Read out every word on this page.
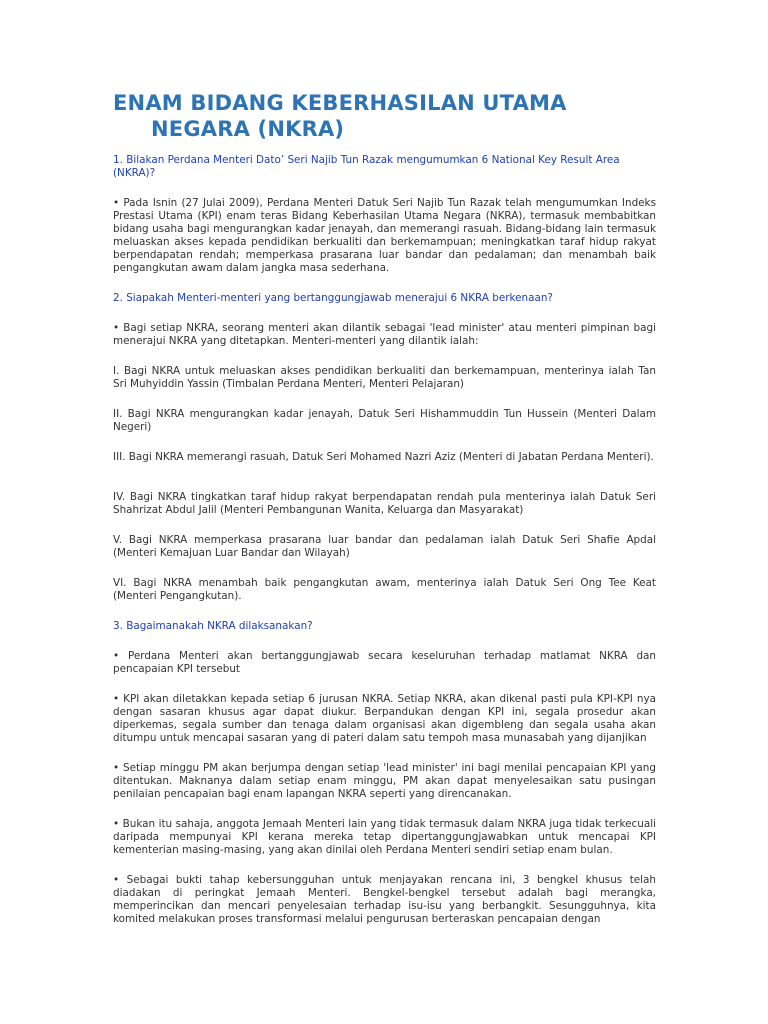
ENAM BIDANG KEBERHASILAN UTAMA
NEGARA (NKRA)

1. Bilakan Perdana Menteri Dato’ Seri Najib Tun Razak mengumumkan 6 National Key Result Area (NKRA)?

• Pada Isnin (27 Julai 2009), Perdana Menteri Datuk Seri Najib Tun Razak telah mengumumkan Indeks Prestasi Utama (KPI) enam teras Bidang Keberhasilan Utama Negara (NKRA), termasuk membabitkan bidang usaha bagi mengurangkan kadar jenayah, dan memerangi rasuah. Bidang-bidang lain termasuk meluaskan akses kepada pendidikan berkualiti dan berkemampuan; meningkatkan taraf hidup rakyat berpendapatan rendah; memperkasa prasarana luar bandar dan pedalaman; dan menambah baik pengangkutan awam dalam jangka masa sederhana.

2. Siapakah Menteri-menteri yang bertanggungjawab menerajui 6 NKRA berkenaan?

• Bagi setiap NKRA, seorang menteri akan dilantik sebagai 'lead minister' atau menteri pimpinan bagi menerajui NKRA yang ditetapkan. Menteri-menteri yang dilantik ialah:

I. Bagi NKRA untuk meluaskan akses pendidikan berkualiti dan berkemampuan, menterinya ialah Tan Sri Muhyiddin Yassin (Timbalan Perdana Menteri, Menteri Pelajaran)

II. Bagi NKRA mengurangkan kadar jenayah, Datuk Seri Hishammuddin Tun Hussein (Menteri Dalam Negeri)

III. Bagi NKRA memerangi rasuah, Datuk Seri Mohamed Nazri Aziz (Menteri di Jabatan Perdana Menteri).

IV. Bagi NKRA tingkatkan taraf hidup rakyat berpendapatan rendah pula menterinya ialah Datuk Seri Shahrizat Abdul Jalil (Menteri Pembangunan Wanita, Keluarga dan Masyarakat)

V. Bagi NKRA memperkasa prasarana luar bandar dan pedalaman ialah Datuk Seri Shafie Apdal (Menteri Kemajuan Luar Bandar dan Wilayah)

VI. Bagi NKRA menambah baik pengangkutan awam, menterinya ialah Datuk Seri Ong Tee Keat (Menteri Pengangkutan).

3. Bagaimanakah NKRA dilaksanakan?

• Perdana Menteri akan bertanggungjawab secara keseluruhan terhadap matlamat NKRA dan pencapaian KPI tersebut

• KPI akan diletakkan kepada setiap 6 jurusan NKRA. Setiap NKRA, akan dikenal pasti pula KPI-KPI nya dengan sasaran khusus agar dapat diukur. Berpandukan dengan KPI ini, segala prosedur akan diperkemas, segala sumber dan tenaga dalam organisasi akan digembleng dan segala usaha akan ditumpu untuk mencapai sasaran yang di pateri dalam satu tempoh masa munasabah yang dijanjikan

• Setiap minggu PM akan berjumpa dengan setiap 'lead minister' ini bagi menilai pencapaian KPI yang ditentukan. Maknanya dalam setiap enam minggu, PM akan dapat menyelesaikan satu pusingan penilaian pencapaian bagi enam lapangan NKRA seperti yang direncanakan.

• Bukan itu sahaja, anggota Jemaah Menteri lain yang tidak termasuk dalam NKRA juga tidak terkecuali daripada mempunyai KPI kerana mereka tetap dipertanggungjawabkan untuk mencapai KPI kementerian masing-masing, yang akan dinilai oleh Perdana Menteri sendiri setiap enam bulan.

• Sebagai bukti tahap kebersungguhan untuk menjayakan rencana ini, 3 bengkel khusus telah diadakan di peringkat Jemaah Menteri. Bengkel-bengkel tersebut adalah bagi merangka, memperincikan dan mencari penyelesaian terhadap isu-isu yang berbangkit. Sesungguhnya, kita komited melakukan proses transformasi melalui pengurusan berteraskan pencapaian dengan
